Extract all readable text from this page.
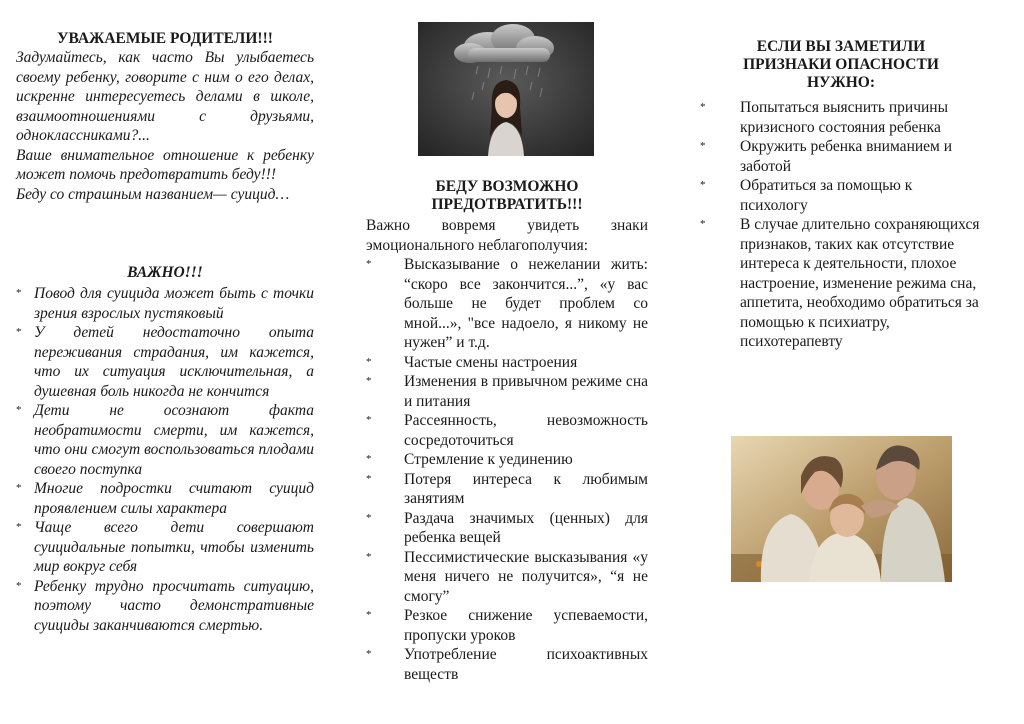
УВАЖАЕМЫЕ РОДИТЕЛИ!!!

Задумайтесь, как часто Вы улыбаетесь своему ребенку, говорите с ним о его делах, искренне интересуетесь делами в школе, взаимоотношениями с друзьями, одноклассниками?...

Ваше внимательное отношение к ребенку может помочь предотвратить беду!!!

Беду со страшным названием— суицид…

ВАЖНО!!!
* Повод для суицида может быть с точки зрения взрослых пустяковый
* У детей недостаточно опыта переживания страдания, им кажется, что их ситуация исключительная, а душевная боль никогда не кончится
* Дети не осознают факта необратимости смерти, им кажется, что они смогут воспользоваться плодами своего поступка
* Многие подростки считают суицид проявлением силы характера
* Чаще всего дети совершают суицидальные попытки, чтобы изменить мир вокруг себя
* Ребенку трудно просчитать ситуацию, поэтому часто демонстративные суициды заканчиваются смертью.
БЕДУ ВОЗМОЖНО
ПРЕДОТВРАТИТЬ!!!
Важно вовремя увидеть знаки эмоционального неблагополучия:
* Высказывание о нежелании жить: “скоро все закончится...”, «у вас больше не будет проблем со мной...», "все надоело, я никому не нужен” и т.д.
* Частые смены настроения
* Изменения в привычном режиме сна и питания
* Рассеянность, невозможность сосредоточиться
* Стремление к уединению
* Потеря интереса к любимым занятиям
* Раздача значимых (ценных) для ребенка вещей
* Пессимистические высказывания «у меня ничего не получится», “я не смогу”
* Резкое снижение успеваемости, пропуски уроков
* Употребление психоактивных веществ
ЕСЛИ ВЫ ЗАМЕТИЛИ
ПРИЗНАКИ ОПАСНОСТИ
НУЖНО:
* Попытаться выяснить причины кризисного состояния ребенка
* Окружить ребенка вниманием и заботой
* Обратиться за помощью к психологу
* В случае длительно сохраняющихся признаков, таких как отсутствие интереса к деятельности, плохое настроение, изменение режима сна, аппетита, необходимо обратиться за помощью к психиатру, психотерапевту
